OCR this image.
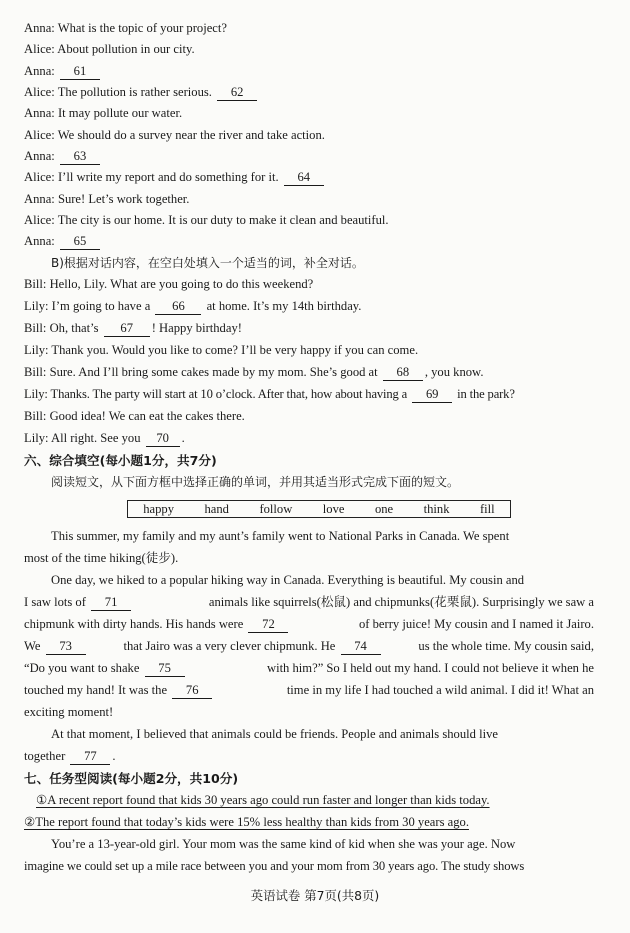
Anna: What is the topic of your project?
Alice: About pollution in our city.
Anna: 61
Alice: The pollution is rather serious. 62
Anna: It may pollute our water.
Alice: We should do a survey near the river and take action.
Anna: 63
Alice: I’ll write my report and do something for it. 64
Anna: Sure! Let’s work together.
Alice: The city is our home. It is our duty to make it clean and beautiful.
Anna: 65
B)根据对话内容，在空白处填入一个适当的词，补全对话。
Bill: Hello, Lily. What are you going to do this weekend?
Lily: I’m going to have a 66 at home. It’s my 14th birthday.
Bill: Oh, that’s 67 ! Happy birthday!
Lily: Thank you. Would you like to come? I’ll be very happy if you can come.
Bill: Sure. And I’ll bring some cakes made by my mom. She’s good at 68 , you know.
Lily: Thanks. The party will start at 10 o’clock. After that, how about having a 69 in the park?
Bill: Good idea! We can eat the cakes there.
Lily: All right. See you 70 .
六、综合填空(每小题1分，共7分)
阅读短文，从下面方框中选择正确的单词，并用其适当形式完成下面的短文。
happy hand follow love one think fill
This summer, my family and my aunt’s family went to National Parks in Canada. We spent
most of the time hiking(徒步).
One day, we hiked to a popular hiking way in Canada. Everything is beautiful. My cousin and
I saw lots of 71	animals like squirrels(松鼠) and chipmunks(花栗鼠). Surprisingly we saw a
chipmunk with dirty hands. His hands were 72	of berry juice! My cousin and I named it Jairo.
We 73	that Jairo was a very clever chipmunk. He 74	us the whole time. My cousin said,
“Do you want to shake 75	with him?” So I held out my hand. I could not believe it when he
touched my hand! It was the 76	time in my life I had touched a wild animal. I did it! What an
exciting moment!
At that moment, I believed that animals could be friends. People and animals should live
together 77 .
七、任务型阅读(每小题2分，共10分)
①A recent report found that kids 30 years ago could run faster and longer than kids today.
②The report found that today’s kids were 15% less healthy than kids from 30 years ago.
You’re a 13-year-old girl. Your mom was the same kind of kid when she was your age. Now
imagine we could set up a mile race between you and your mom from 30 years ago. The study shows
英语试卷 第7页(共8页)
